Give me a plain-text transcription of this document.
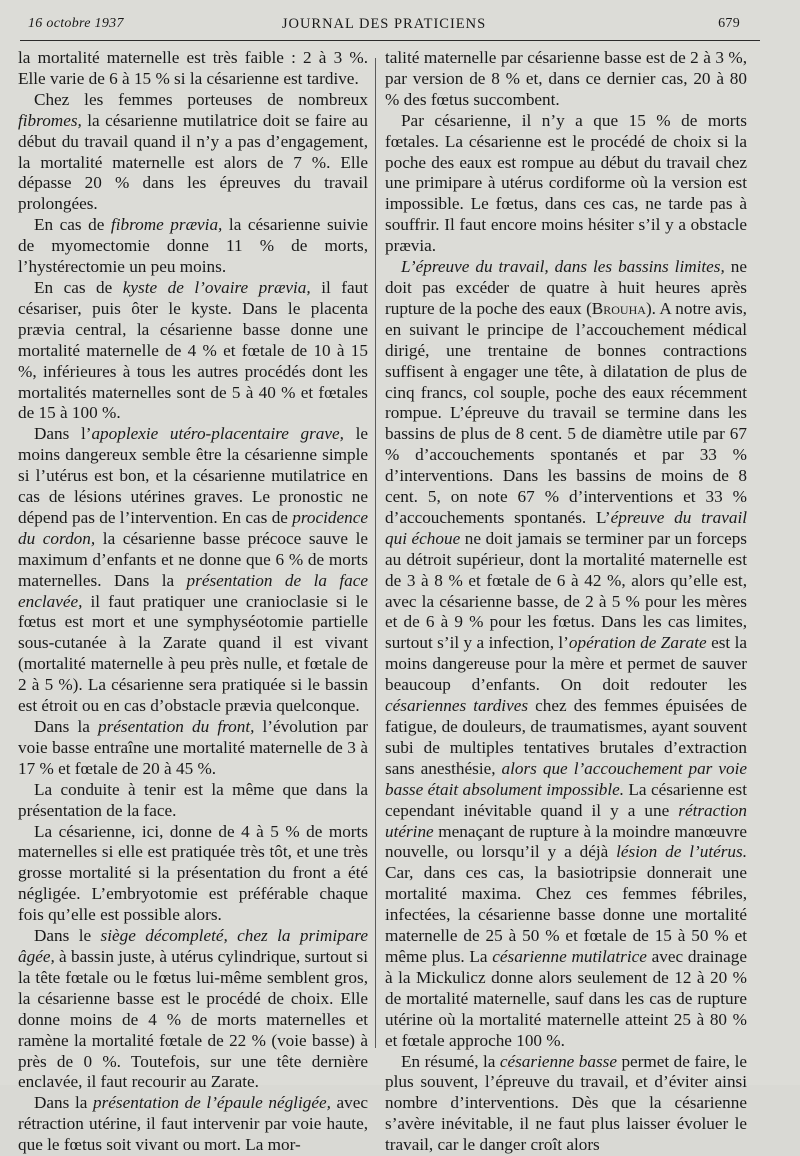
16 octobre 1937	JOURNAL DES PRATICIENS	679

la mortalité maternelle est très faible : 2 à 3 %. Elle varie de 6 à 15 % si la césarienne est tardive.

Chez les femmes porteuses de nombreux fibromes, la césarienne mutilatrice doit se faire au début du travail quand il n’y a pas d’engagement, la mortalité maternelle est alors de 7 %. Elle dépasse 20 % dans les épreuves du travail prolongées.

En cas de fibrome prævia, la césarienne suivie de myomectomie donne 11 % de morts, l’hystérectomie un peu moins.

En cas de kyste de l’ovaire prævia, il faut césariser, puis ôter le kyste. Dans le placenta prævia central, la césarienne basse donne une mortalité maternelle de 4 % et fœtale de 10 à 15 %, inférieures à tous les autres procédés dont les mortalités maternelles sont de 5 à 40 % et fœtales de 15 à 100 %.

Dans l’apoplexie utéro-placentaire grave, le moins dangereux semble être la césarienne simple si l’utérus est bon, et la césarienne mutilatrice en cas de lésions utérines graves. Le pronostic ne dépend pas de l’intervention. En cas de procidence du cordon, la césarienne basse précoce sauve le maximum d’enfants et ne donne que 6 % de morts maternelles. Dans la présentation de la face enclavée, il faut pratiquer une cranioclasie si le fœtus est mort et une symphyséotomie partielle sous-cutanée à la Zarate quand il est vivant (mortalité maternelle à peu près nulle, et fœtale de 2 à 5 %). La césarienne sera pratiquée si le bassin est étroit ou en cas d’obstacle prævia quelconque.

Dans la présentation du front, l’évolution par voie basse entraîne une mortalité maternelle de 3 à 17 % et fœtale de 20 à 45 %.

La conduite à tenir est la même que dans la présentation de la face.

La césarienne, ici, donne de 4 à 5 % de morts maternelles si elle est pratiquée très tôt, et une très grosse mortalité si la présentation du front a été négligée. L’embryotomie est préférable chaque fois qu’elle est possible alors.

Dans le siège décompleté, chez la primipare âgée, à bassin juste, à utérus cylindrique, surtout si la tête fœtale ou le fœtus lui-même semblent gros, la césarienne basse est le procédé de choix. Elle donne moins de 4 % de morts maternelles et ramène la mortalité fœtale de 22 % (voie basse) à près de 0 %. Toutefois, sur une tête dernière enclavée, il faut recourir au Zarate.

Dans la présentation de l’épaule négligée, avec rétraction utérine, il faut intervenir par voie haute, que le fœtus soit vivant ou mort. La mor-

talité maternelle par césarienne basse est de 2 à 3 %, par version de 8 % et, dans ce dernier cas, 20 à 80 % des fœtus succombent.

Par césarienne, il n’y a que 15 % de morts fœtales. La césarienne est le procédé de choix si la poche des eaux est rompue au début du travail chez une primipare à utérus cordiforme où la version est impossible. Le fœtus, dans ces cas, ne tarde pas à souffrir. Il faut encore moins hésiter s’il y a obstacle prævia.

L’épreuve du travail, dans les bassins limites, ne doit pas excéder de quatre à huit heures après rupture de la poche des eaux (Brouha). A notre avis, en suivant le principe de l’accouchement médical dirigé, une trentaine de bonnes contractions suffisent à engager une tête, à dilatation de plus de cinq francs, col souple, poche des eaux récemment rompue. L’épreuve du travail se termine dans les bassins de plus de 8 cent. 5 de diamètre utile par 67 % d’accouchements spontanés et par 33 % d’interventions. Dans les bassins de moins de 8 cent. 5, on note 67 % d’interventions et 33 % d’accouchements spontanés. L’épreuve du travail qui échoue ne doit jamais se terminer par un forceps au détroit supérieur, dont la mortalité maternelle est de 3 à 8 % et fœtale de 6 à 42 %, alors qu’elle est, avec la césarienne basse, de 2 à 5 % pour les mères et de 6 à 9 % pour les fœtus. Dans les cas limites, surtout s’il y a infection, l’opération de Zarate est la moins dangereuse pour la mère et permet de sauver beaucoup d’enfants. On doit redouter les césariennes tardives chez des femmes épuisées de fatigue, de douleurs, de traumatismes, ayant souvent subi de multiples tentatives brutales d’extraction sans anesthésie, alors que l’accouchement par voie basse était absolument impossible. La césarienne est cependant inévitable quand il y a une rétraction utérine menaçant de rupture à la moindre manœuvre nouvelle, ou lorsqu’il y a déjà lésion de l’utérus. Car, dans ces cas, la basiotripsie donnerait une mortalité maxima. Chez ces femmes fébriles, infectées, la césarienne basse donne une mortalité maternelle de 25 à 50 % et fœtale de 15 à 50 % et même plus. La césarienne mutilatrice avec drainage à la Mickulicz donne alors seulement de 12 à 20 % de mortalité maternelle, sauf dans les cas de rupture utérine où la mortalité maternelle atteint 25 à 80 % et fœtale approche 100 %.

En résumé, la césarienne basse permet de faire, le plus souvent, l’épreuve du travail, et d’éviter ainsi nombre d’interventions. Dès que la césarienne s’avère inévitable, il ne faut plus laisser évoluer le travail, car le danger croît alors
